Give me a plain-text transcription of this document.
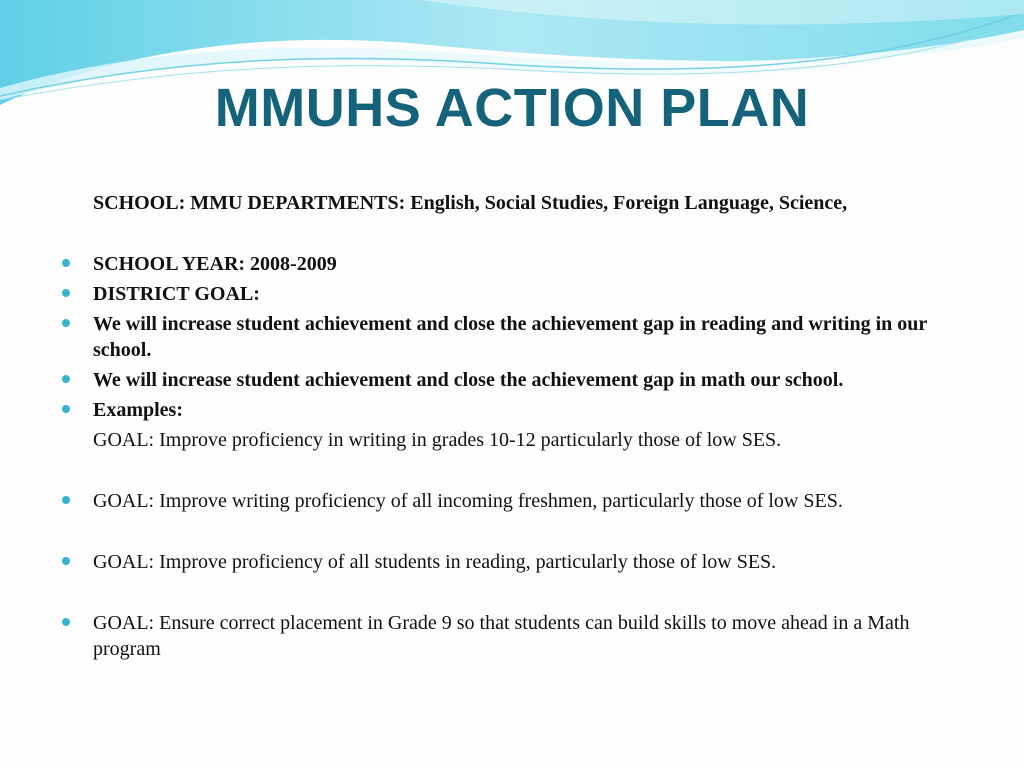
MMUHS ACTION PLAN
SCHOOL: MMU DEPARTMENTS: English, Social Studies, Foreign Language, Science,
SCHOOL YEAR: 2008-2009
DISTRICT GOAL:
We will increase student achievement and close the achievement gap in reading and writing in our school.
We will increase student achievement and close the achievement gap in math our school.
Examples:
GOAL: Improve proficiency in writing in grades 10-12 particularly those of low SES.
GOAL: Improve writing proficiency of all incoming freshmen, particularly those of low SES.
GOAL: Improve proficiency of all students in reading, particularly those of low SES.
GOAL: Ensure correct placement in Grade 9 so that students can build skills to move ahead in a Math program
